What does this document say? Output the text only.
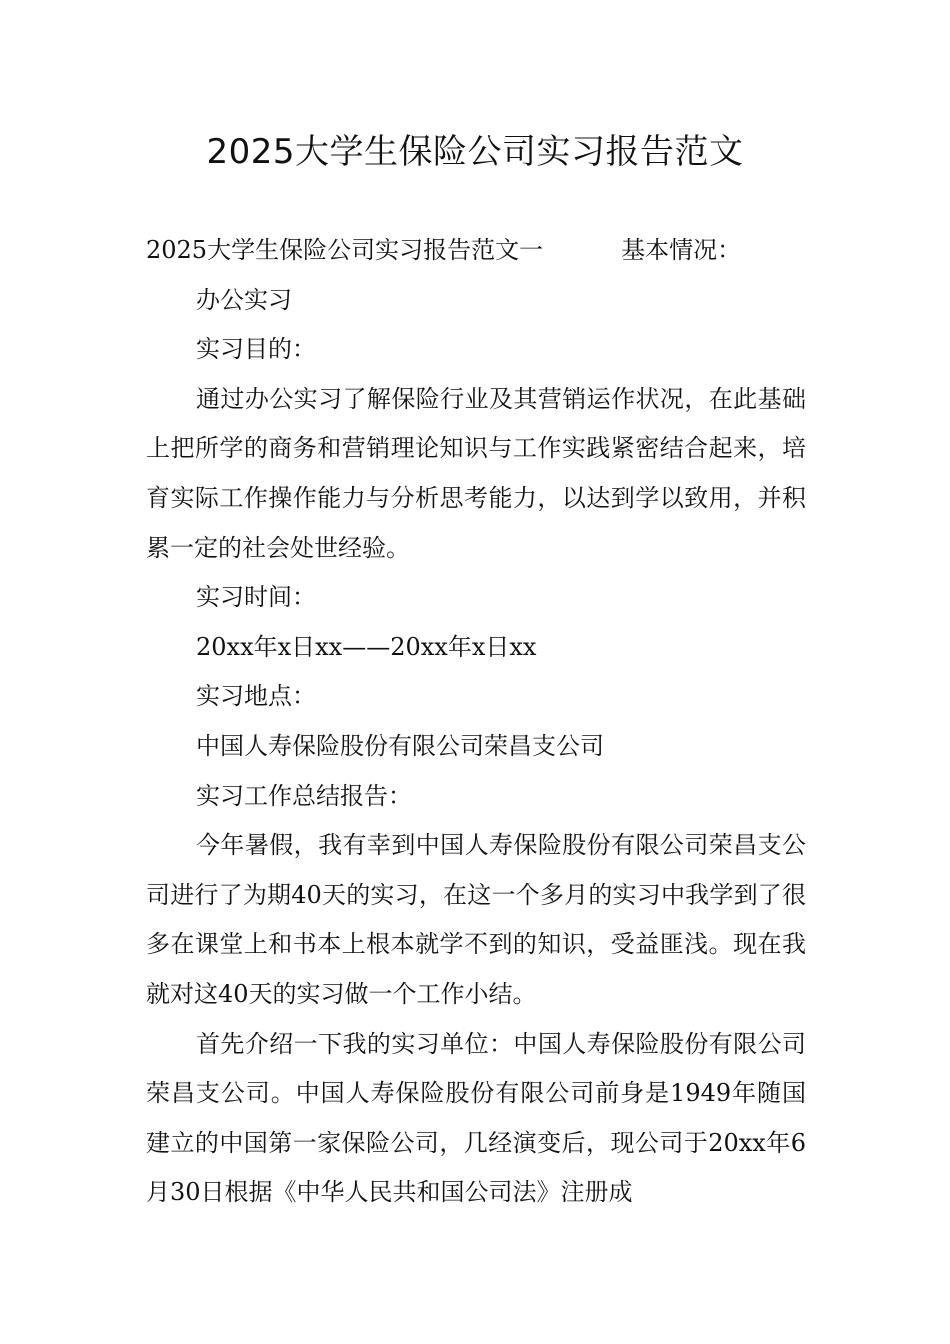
2025大学生保险公司实习报告范文

2025大学生保险公司实习报告范文一	基本情况：

办公实习

实习目的：

通过办公实习了解保险行业及其营销运作状况，在此基础上把所学的商务和营销理论知识与工作实践紧密结合起来，培育实际工作操作能力与分析思考能力，以达到学以致用，并积累一定的社会处世经验。

实习时间：

20xx年x日xx——20xx年x日xx

实习地点：

中国人寿保险股份有限公司荣昌支公司

实习工作总结报告：

今年暑假，我有幸到中国人寿保险股份有限公司荣昌支公司进行了为期40天的实习，在这一个多月的实习中我学到了很多在课堂上和书本上根本就学不到的知识，受益匪浅。现在我就对这40天的实习做一个工作小结。

首先介绍一下我的实习单位：中国人寿保险股份有限公司荣昌支公司。中国人寿保险股份有限公司前身是1949年随国建立的中国第一家保险公司，几经演变后，现公司于20xx年6月30日根据《中华人民共和国公司法》注册成
